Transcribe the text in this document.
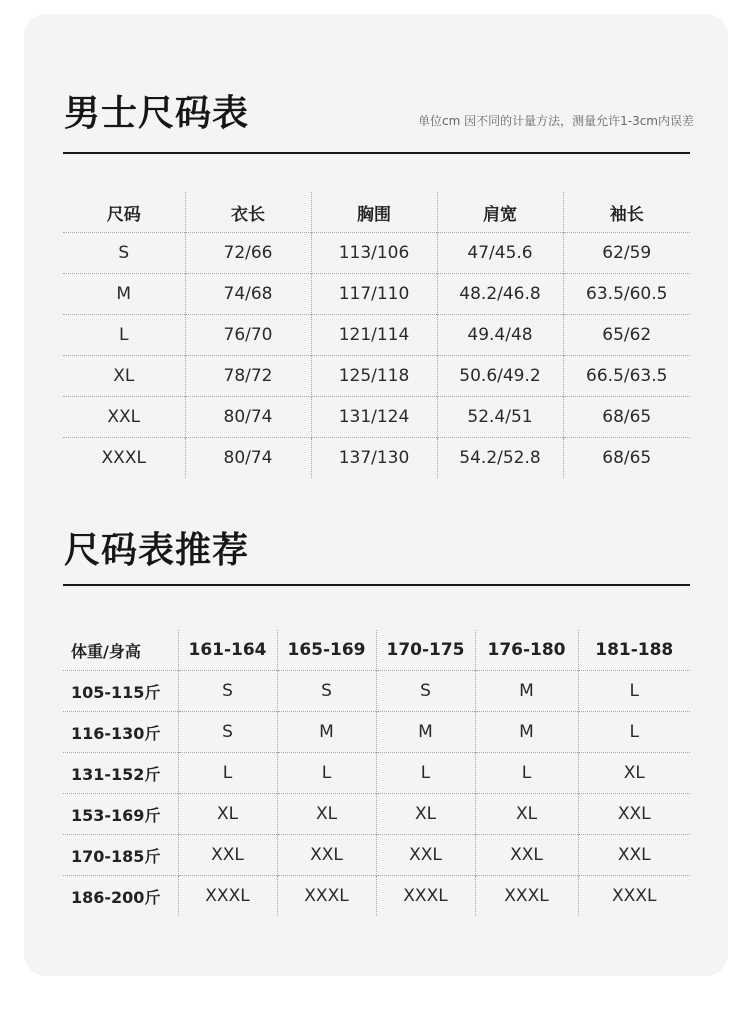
男士尺码表	单位cm 因不同的计量方法，测量允许1-3cm内误差
尺码	衣长	胸围	肩宽	袖长
S	72/66	113/106	47/45.6	62/59
M	74/68	117/110	48.2/46.8	63.5/60.5
L	76/70	121/114	49.4/48	65/62
XL	78/72	125/118	50.6/49.2	66.5/63.5
XXL	80/74	131/124	52.4/51	68/65
XXXL	80/74	137/130	54.2/52.8	68/65
尺码表推荐
体重/身高	161-164	165-169	170-175	176-180	181-188
105-115斤	S	S	S	M	L
116-130斤	S	M	M	M	L
131-152斤	L	L	L	L	XL
153-169斤	XL	XL	XL	XL	XXL
170-185斤	XXL	XXL	XXL	XXL	XXL
186-200斤	XXXL	XXXL	XXXL	XXXL	XXXL
